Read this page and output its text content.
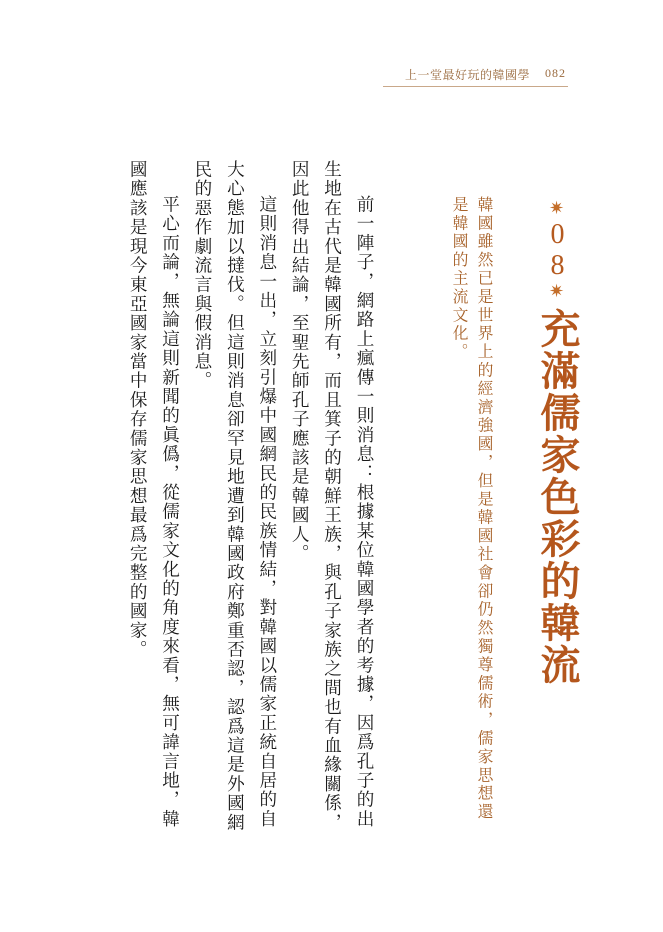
上一堂最好玩的韓國學 082
✷08✷
充滿儒家色彩的韓流

韓國雖然已是世界上的經濟強國，但是韓國社會卻仍然獨尊儒術，儒家思想還是韓國的主流文化。

前一陣子，網路上瘋傳一則消息：根據某位韓國學者的考據，因爲孔子的出生地在古代是韓國所有，而且箕子的朝鮮王族，與孔子家族之間也有血緣關係，因此他得出結論，至聖先師孔子應該是韓國人。

這則消息一出，立刻引爆中國網民的民族情結，對韓國以儒家正統自居的自大心態加以撻伐。但這則消息卻罕見地遭到韓國政府鄭重否認，認爲這是外國網民的惡作劇流言與假消息。

平心而論，無論這則新聞的眞僞，從儒家文化的角度來看，無可諱言地，韓國應該是現今東亞國家當中保存儒家思想最爲完整的國家。
